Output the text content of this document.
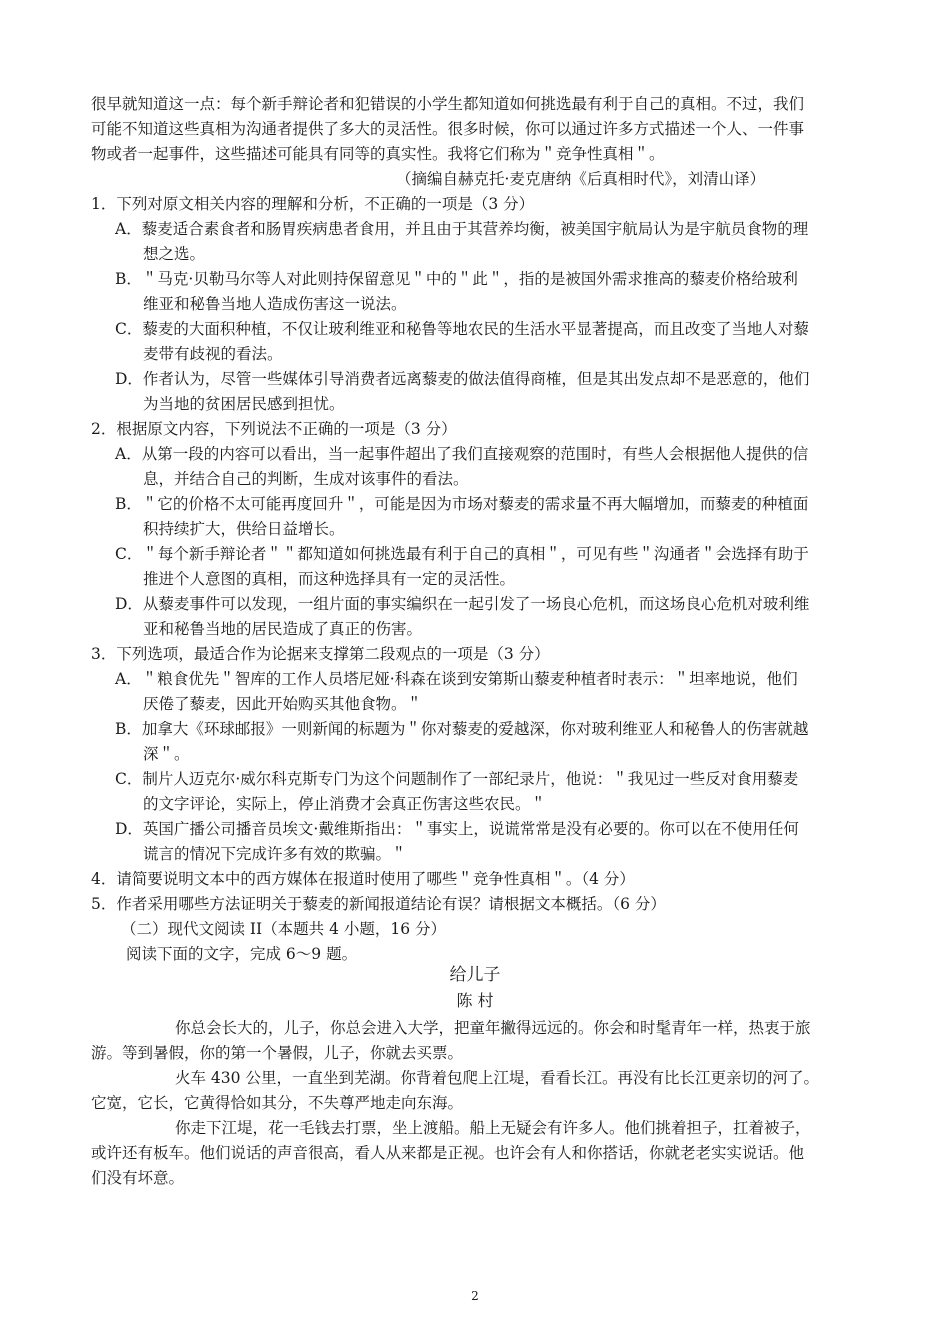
很早就知道这一点：每个新手辩论者和犯错误的小学生都知道如何挑选最有利于自己的真相。不过，我们
可能不知道这些真相为沟通者提供了多大的灵活性。很多时候，你可以通过许多方式描述一个人、一件事
物或者一起事件，这些描述可能具有同等的真实性。我将它们称为＂竞争性真相＂。
（摘编自赫克托·麦克唐纳《后真相时代》，刘清山译）
1．下列对原文相关内容的理解和分析，不正确的一项是（3 分）
A．藜麦适合素食者和肠胃疾病患者食用，并且由于其营养均衡，被美国宇航局认为是宇航员食物的理
想之选。
B．＂马克·贝勒马尔等人对此则持保留意见＂中的＂此＂，指的是被国外需求推高的藜麦价格给玻利
维亚和秘鲁当地人造成伤害这一说法。
C．藜麦的大面积种植，不仅让玻利维亚和秘鲁等地农民的生活水平显著提高，而且改变了当地人对藜
麦带有歧视的看法。
D．作者认为，尽管一些媒体引导消费者远离藜麦的做法值得商榷，但是其出发点却不是恶意的，他们
为当地的贫困居民感到担忧。
2．根据原文内容，下列说法不正确的一项是（3 分）
A．从第一段的内容可以看出，当一起事件超出了我们直接观察的范围时，有些人会根据他人提供的信
息，并结合自己的判断，生成对该事件的看法。
B．＂它的价格不太可能再度回升＂，可能是因为市场对藜麦的需求量不再大幅增加，而藜麦的种植面
积持续扩大，供给日益增长。
C．＂每个新手辩论者＂＂都知道如何挑选最有利于自己的真相＂，可见有些＂沟通者＂会选择有助于
推进个人意图的真相，而这种选择具有一定的灵活性。
D．从藜麦事件可以发现，一组片面的事实编织在一起引发了一场良心危机，而这场良心危机对玻利维
亚和秘鲁当地的居民造成了真正的伤害。
3．下列选项，最适合作为论据来支撑第二段观点的一项是（3 分）
A．＂粮食优先＂智库的工作人员塔尼娅·科森在谈到安第斯山藜麦种植者时表示：＂坦率地说，他们
厌倦了藜麦，因此开始购买其他食物。＂
B．加拿大《环球邮报》一则新闻的标题为＂你对藜麦的爱越深，你对玻利维亚人和秘鲁人的伤害就越
深＂。
C．制片人迈克尔·威尔科克斯专门为这个问题制作了一部纪录片，他说：＂我见过一些反对食用藜麦
的文字评论，实际上，停止消费才会真正伤害这些农民。＂
D．英国广播公司播音员埃文·戴维斯指出：＂事实上，说谎常常是没有必要的。你可以在不使用任何
谎言的情况下完成许多有效的欺骗。＂
4．请简要说明文本中的西方媒体在报道时使用了哪些＂竞争性真相＂。（4 分）
5．作者采用哪些方法证明关于藜麦的新闻报道结论有误？请根据文本概括。（6 分）
（二）现代文阅读 II（本题共 4 小题，16 分）
阅读下面的文字，完成 6～9 题。
给儿子
陈 村
你总会长大的，儿子，你总会进入大学，把童年撇得远远的。你会和时髦青年一样，热衷于旅
游。等到暑假，你的第一个暑假，儿子，你就去买票。
火车 430 公里，一直坐到芜湖。你背着包爬上江堤，看看长江。再没有比长江更亲切的河了。
它宽，它长，它黄得恰如其分，不失尊严地走向东海。
你走下江堤，花一毛钱去打票，坐上渡船。船上无疑会有许多人。他们挑着担子，扛着被子，
或许还有板车。他们说话的声音很高，看人从来都是正视。也许会有人和你搭话，你就老老实实说话。他
们没有坏意。
2
